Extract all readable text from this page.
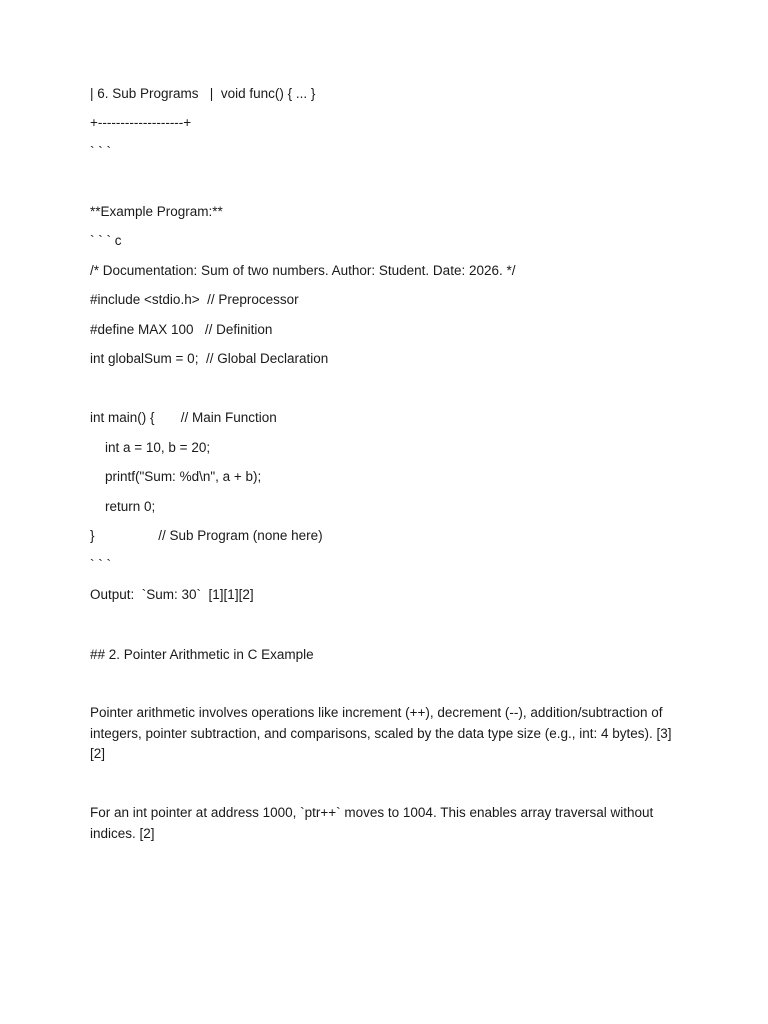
| 6. Sub Programs   |  void func() { ... }

+-------------------+

` ` `

**Example Program:**

` ` ` c

/* Documentation: Sum of two numbers. Author: Student. Date: 2026. */

#include <stdio.h>  // Preprocessor

#define MAX 100   // Definition

int globalSum = 0;  // Global Declaration

int main() {       // Main Function

int a = 10, b = 20;

printf("Sum: %d\n", a + b);

return 0;

}                 // Sub Program (none here)

` ` `

Output:  `Sum: 30`  [1][1][2]

## 2. Pointer Arithmetic in C Example

Pointer arithmetic involves operations like increment (++), decrement (--), addition/subtraction of integers, pointer subtraction, and comparisons, scaled by the data type size (e.g., int: 4 bytes). [3][2]

For an int pointer at address 1000, `ptr++` moves to 1004. This enables array traversal without indices. [2]
